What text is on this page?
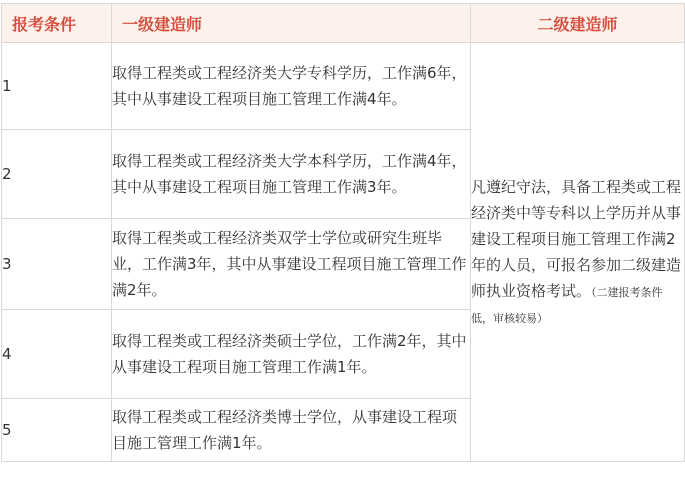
报考条件	一级建造师	二级建造师

1	取得工程类或工程经济类大学专科学历，工作满6年，其中从事建设工程项目施工管理工作满4年。	凡遵纪守法，具备工程类或工程经济类中等专科以上学历并从事建设工程项目施工管理工作满2年的人员，可报名参加二级建造师执业资格考试。（二建报考条件低，审核较易）
2	取得工程类或工程经济类大学本科学历，工作满4年，其中从事建设工程项目施工管理工作满3年。	
3	取得工程类或工程经济类双学士学位或研究生班毕业，工作满3年，其中从事建设工程项目施工管理工作满2年。	
4	取得工程类或工程经济类硕士学位，工作满2年，其中从事建设工程项目施工管理工作满1年。	
5	取得工程类或工程经济类博士学位，从事建设工程项目施工管理工作满1年。	
